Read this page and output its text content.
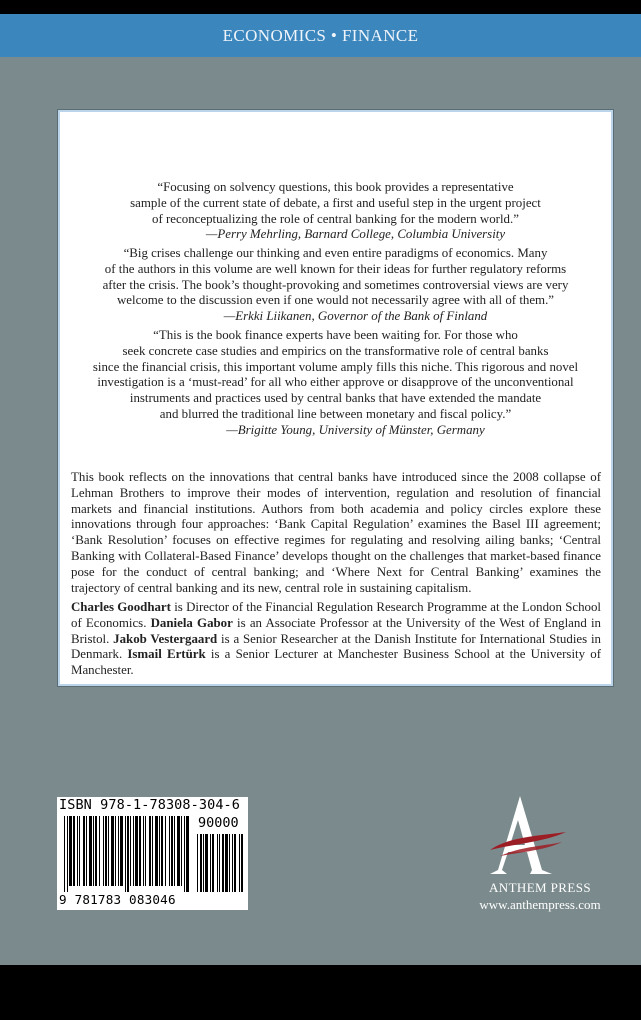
ECONOMICS • FINANCE
“Focusing on solvency questions, this book provides a representative
sample of the current state of debate, a first and useful step in the urgent project
of reconceptualizing the role of central banking for the modern world.”
—Perry Mehrling, Barnard College, Columbia University
“Big crises challenge our thinking and even entire paradigms of economics. Many
of the authors in this volume are well known for their ideas for further regulatory reforms
after the crisis. The book’s thought-provoking and sometimes controversial views are very
welcome to the discussion even if one would not necessarily agree with all of them.”
—Erkki Liikanen, Governor of the Bank of Finland
“This is the book finance experts have been waiting for. For those who
seek concrete case studies and empirics on the transformative role of central banks
since the financial crisis, this important volume amply fills this niche. This rigorous and novel
investigation is a ‘must-read’ for all who either approve or disapprove of the unconventional
instruments and practices used by central banks that have extended the mandate
and blurred the traditional line between monetary and fiscal policy.”
—Brigitte Young, University of Münster, Germany
This book reflects on the innovations that central banks have introduced since the 2008 collapse of Lehman Brothers to improve their modes of intervention, regulation and resolution of financial markets and financial institutions. Authors from both academia and policy circles explore these innovations through four approaches: ‘Bank Capital Regulation’ examines the Basel III agreement; ‘Bank Resolution’ focuses on effective regimes for regulating and resolving ailing banks; ‘Central Banking with Collateral-Based Finance’ develops thought on the challenges that market-based finance pose for the conduct of central banking; and ‘Where Next for Central Banking’ examines the trajectory of central banking and its new, central role in sustaining capitalism.
Charles Goodhart is Director of the Financial Regulation Research Programme at the London School of Economics. Daniela Gabor is an Associate Professor at the University of the West of England in Bristol. Jakob Vestergaard is a Senior Researcher at the Danish Institute for International Studies in Denmark. Ismail Ertürk is a Senior Lecturer at Manchester Business School at the University of Manchester.
ISBN 978-1-78308-304-6
90000
9 781783 083046
ANTHEM PRESS
www.anthempress.com
